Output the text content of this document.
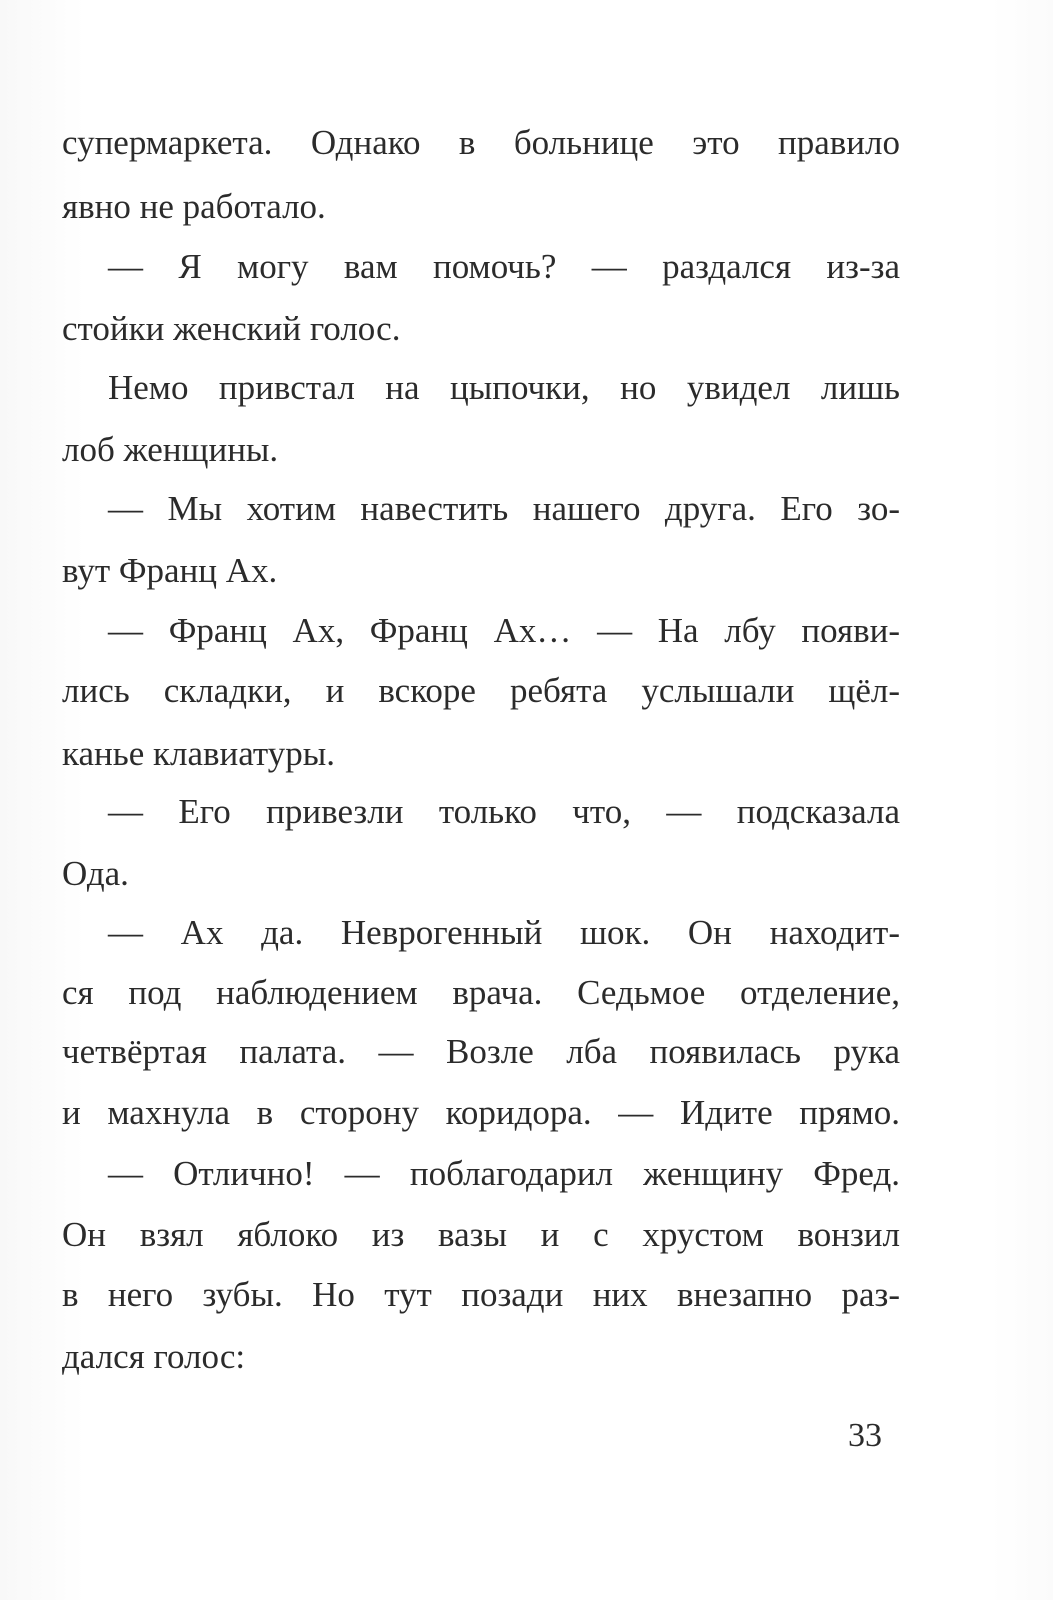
супермаркета. Однако в больнице это правило

явно не работало.

— Я могу вам помочь? — раздался из-за

стойки женский голос.

Немо привстал на цыпочки, но увидел лишь

лоб женщины.

— Мы хотим навестить нашего друга. Его зо-

вут Франц Ах.

— Франц Ах, Франц Ах… — На лбу появи-

лись складки, и вскоре ребята услышали щёл-

канье клавиатуры.

— Его привезли только что, — подсказала

Ода.

— Ах да. Неврогенный шок. Он находит-

ся под наблюдением врача. Седьмое отделение,

четвёртая палата. — Возле лба появилась рука

и махнула в сторону коридора. — Идите прямо.

— Отлично! — поблагодарил женщину Фред.

Он взял яблоко из вазы и с хрустом вонзил

в него зубы. Но тут позади них внезапно раз-

дался голос:

33
